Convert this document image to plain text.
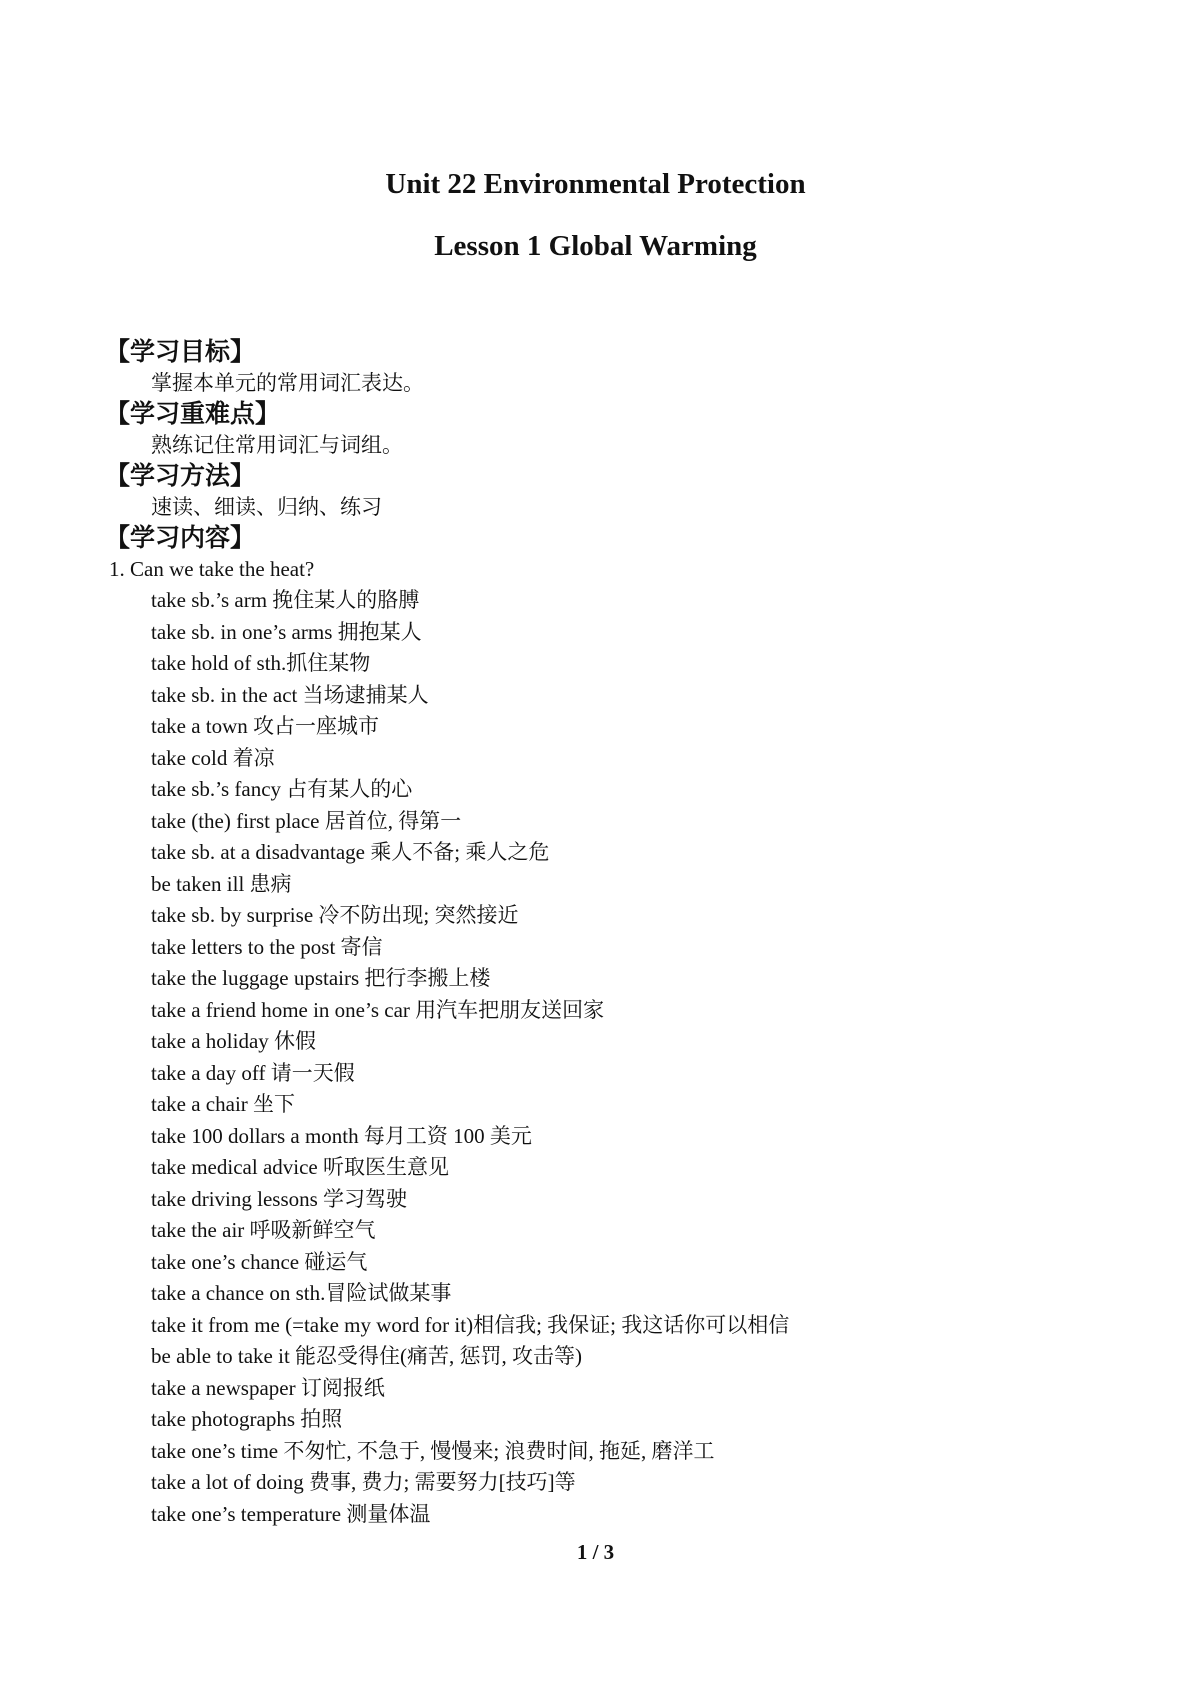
Unit 22 Environmental Protection
Lesson 1 Global Warming
【学习目标】
掌握本单元的常用词汇表达。
【学习重难点】
熟练记住常用词汇与词组。
【学习方法】
速读、细读、归纳、练习
【学习内容】
1. Can we take the heat?
take sb.’s arm 挽住某人的胳膊
take sb. in one’s arms 拥抱某人
take hold of sth.抓住某物
take sb. in the act 当场逮捕某人
take a town 攻占一座城市
take cold 着凉
take sb.’s fancy 占有某人的心
take (the) first place 居首位, 得第一
take sb. at a disadvantage 乘人不备; 乘人之危
be taken ill 患病
take sb. by surprise 冷不防出现; 突然接近
take letters to the post 寄信
take the luggage upstairs 把行李搬上楼
take a friend home in one’s car 用汽车把朋友送回家
take a holiday 休假
take a day off 请一天假
take a chair 坐下
take 100 dollars a month 每月工资 100 美元
take medical advice 听取医生意见
take driving lessons 学习驾驶
take the air 呼吸新鲜空气
take one’s chance 碰运气
take a chance on sth.冒险试做某事
take it from me (=take my word for it)相信我; 我保证; 我这话你可以相信
be able to take it 能忍受得住(痛苦, 惩罚, 攻击等)
take a newspaper 订阅报纸
take photographs 拍照
take one’s time 不匆忙, 不急于, 慢慢来; 浪费时间, 拖延, 磨洋工
take a lot of doing 费事, 费力; 需要努力[技巧]等
take one’s temperature 测量体温
1 / 3
